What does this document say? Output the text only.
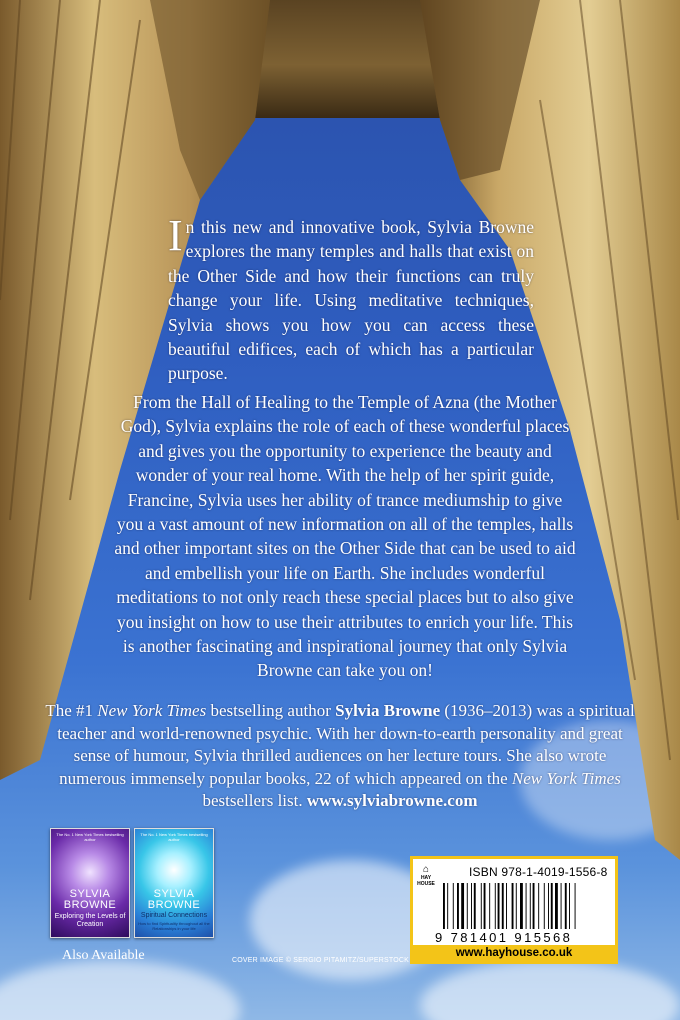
In this new and innovative book, Sylvia Browne explores the many temples and halls that exist on the Other Side and how their functions can truly change your life. Using meditative techniques, Sylvia shows you how you can access these beautiful edifices, each of which has a particular purpose.
From the Hall of Healing to the Temple of Azna (the Mother God), Sylvia explains the role of each of these wonderful places and gives you the opportunity to experience the beauty and wonder of your real home. With the help of her spirit guide, Francine, Sylvia uses her ability of trance mediumship to give you a vast amount of new information on all of the temples, halls and other important sites on the Other Side that can be used to aid and embellish your life on Earth. She includes wonderful meditations to not only reach these special places but to also give you insight on how to use their attributes to enrich your life. This is another fascinating and inspirational journey that only Sylvia Browne can take you on!
The #1 New York Times bestselling author Sylvia Browne (1936–2013) was a spiritual teacher and world-renowned psychic. With her down-to-earth personality and great sense of humour, Sylvia thrilled audiences on her lecture tours. She also wrote numerous immensely popular books, 22 of which appeared on the New York Times bestsellers list. www.sylviabrowne.com
The No. 1 New York Times bestselling author
SYLVIA BROWNE
Exploring the Levels of Creation
The No. 1 New York Times bestselling author
SYLVIA BROWNE
Spiritual Connections
How to find Spirituality throughout all the Relationships in your life
Also Available	COVER IMAGE © SERGIO PITAMITZ/SUPERSTOCK
⌂
HAY HOUSE
ISBN 978-1-4019-1556-8
9 781401 915568
www.hayhouse.co.uk
